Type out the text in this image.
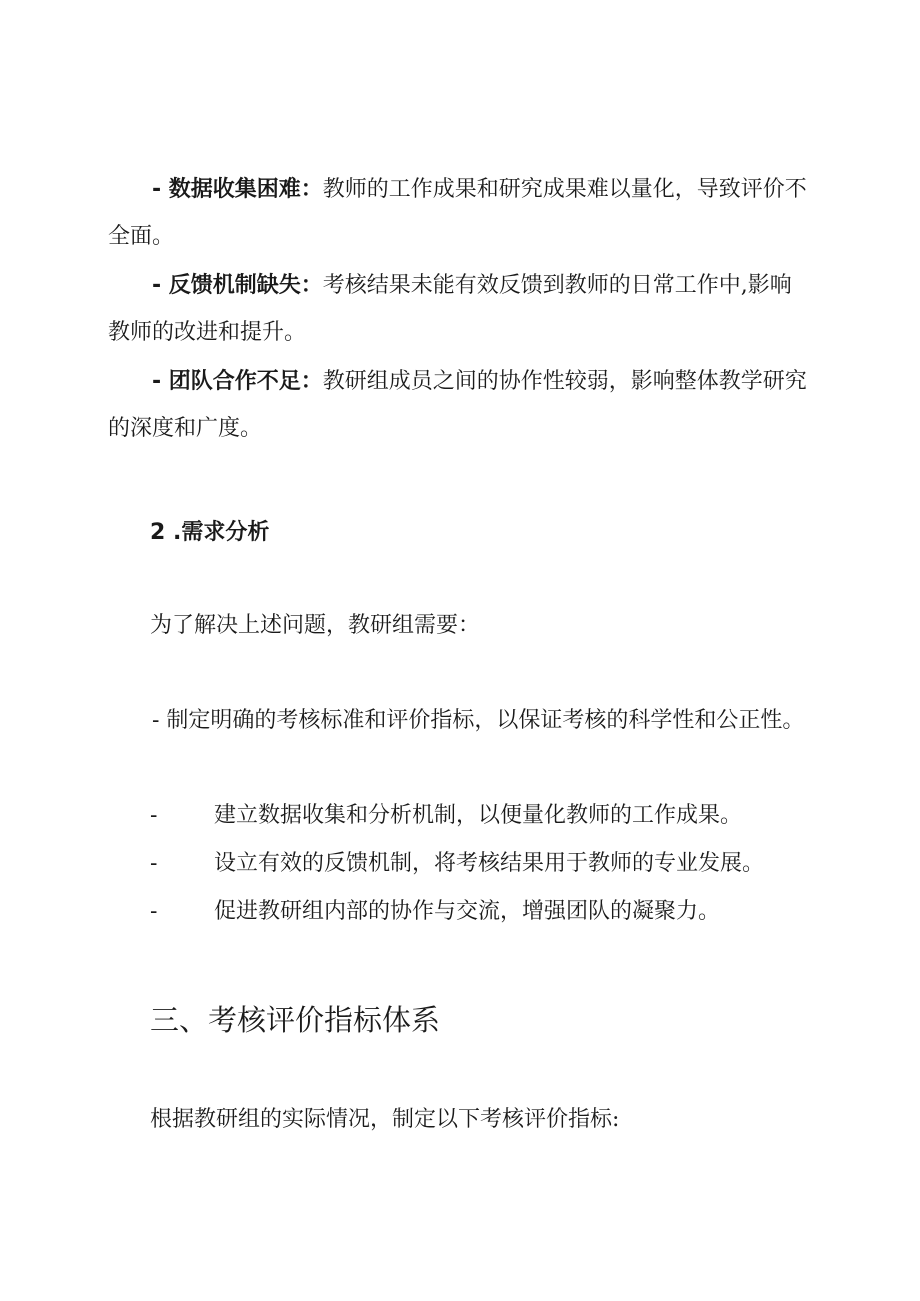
- 数据收集困难：教师的工作成果和研究成果难以量化，导致评价不全面。

- 反馈机制缺失：考核结果未能有效反馈到教师的日常工作中,影响教师的改进和提升。

- 团队合作不足：教研组成员之间的协作性较弱，影响整体教学研究的深度和广度。

2 .需求分析
为了解决上述问题，教研组需要：

- 制定明确的考核标准和评价指标，以保证考核的科学性和公正性。

-	建立数据收集和分析机制，以便量化教师的工作成果。
-	设立有效的反馈机制，将考核结果用于教师的专业发展。
-	促进教研组内部的协作与交流，增强团队的凝聚力。
三、考核评价指标体系
根据教研组的实际情况，制定以下考核评价指标:
